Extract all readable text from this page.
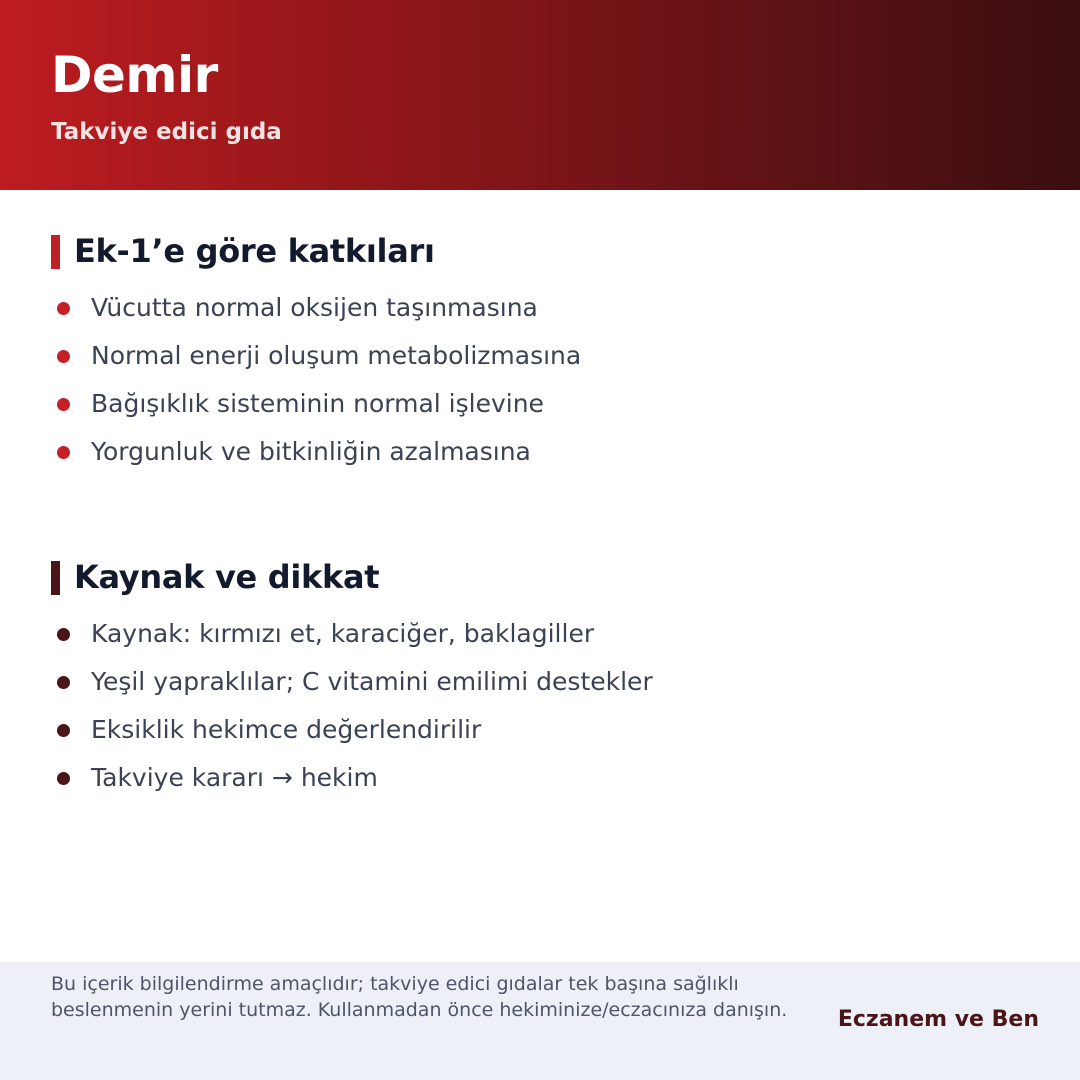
Demir
Takviye edici gıda
Ek-1’e göre katkıları
Vücutta normal oksijen taşınmasına
Normal enerji oluşum metabolizmasına
Bağışıklık sisteminin normal işlevine
Yorgunluk ve bitkinliğin azalmasına
Kaynak ve dikkat
Kaynak: kırmızı et, karaciğer, baklagiller
Yeşil yapraklılar; C vitamini emilimi destekler
Eksiklik hekimce değerlendirilir
Takviye kararı → hekim
Bu içerik bilgilendirme amaçlıdır; takviye edici gıdalar tek başına sağlıklı beslenmenin yerini tutmaz. Kullanmadan önce hekiminize/eczacınıza danışın.	Eczanem ve Ben
